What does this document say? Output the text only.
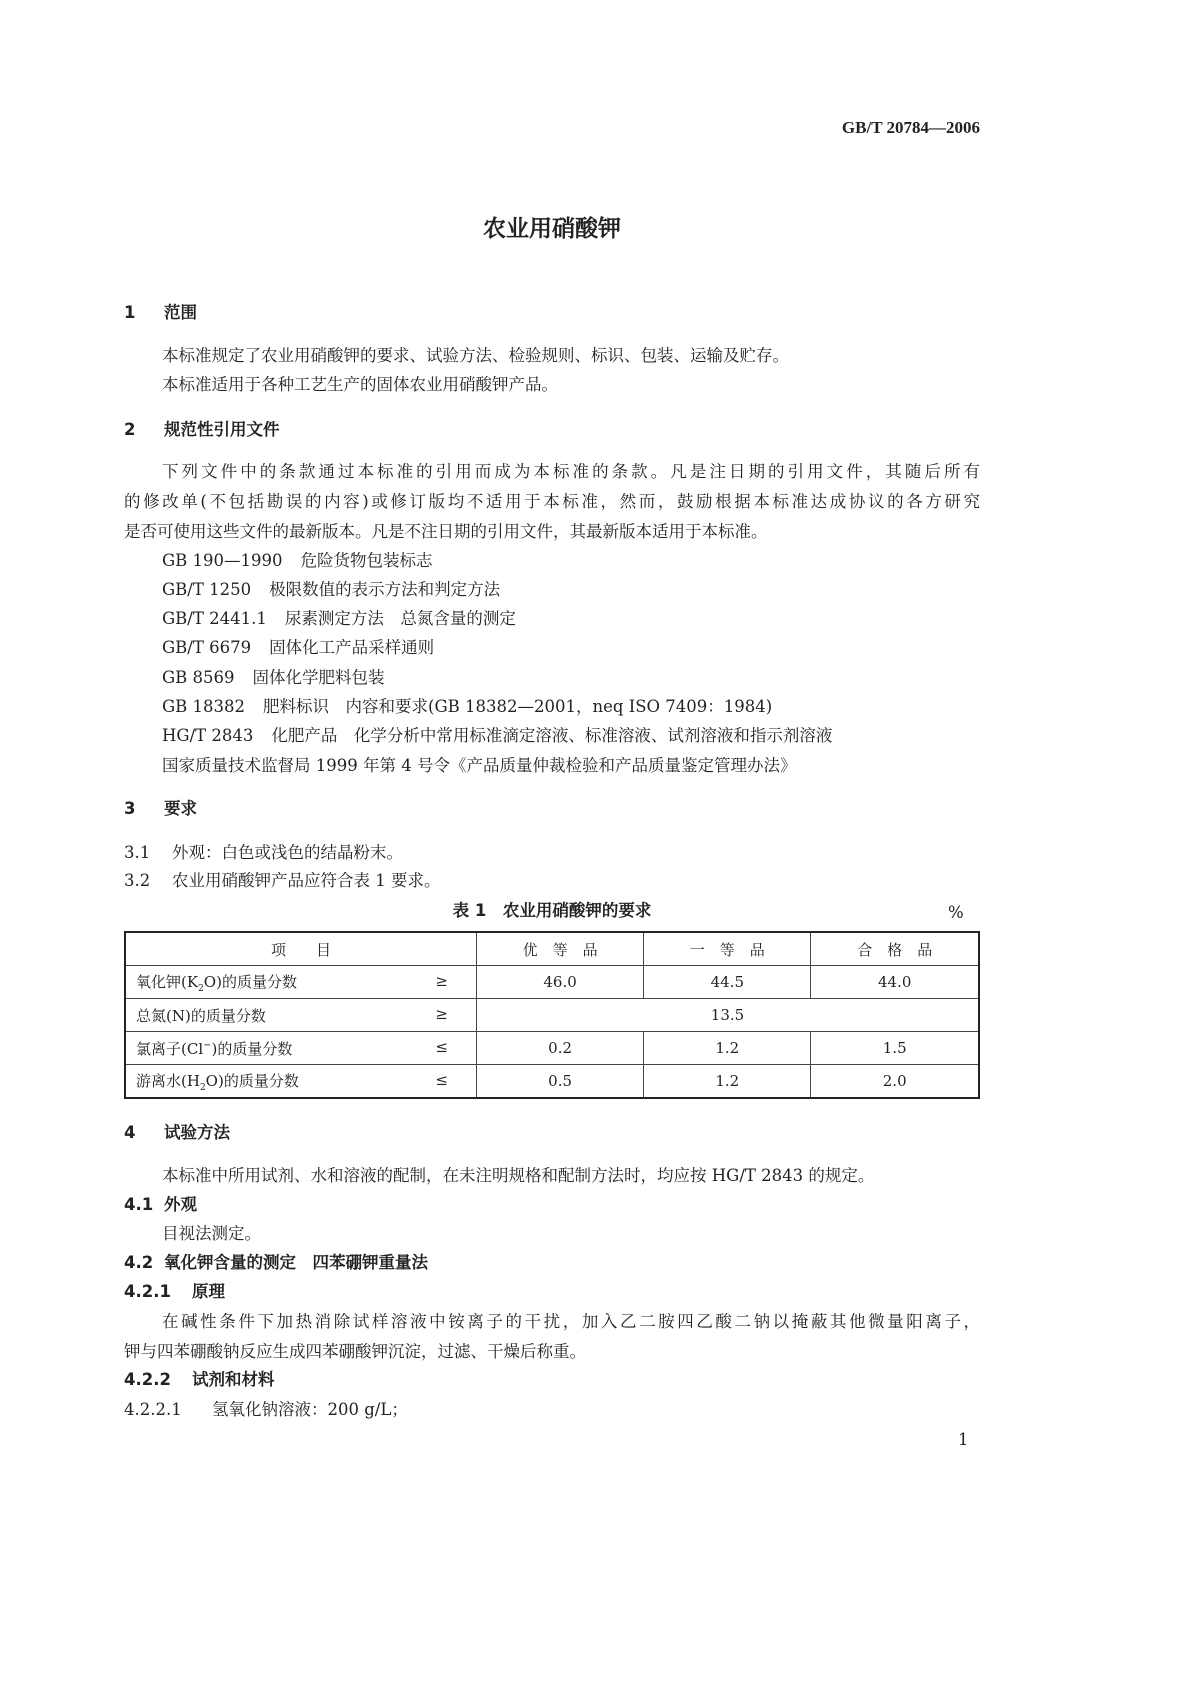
GB/T 20784—2006
农业用硝酸钾
1 范围
本标准规定了农业用硝酸钾的要求、试验方法、检验规则、标识、包装、运输及贮存。
本标准适用于各种工艺生产的固体农业用硝酸钾产品。
2 规范性引用文件
下列文件中的条款通过本标准的引用而成为本标准的条款。凡是注日期的引用文件，其随后所有
的修改单(不包括勘误的内容)或修订版均不适用于本标准，然而，鼓励根据本标准达成协议的各方研究
是否可使用这些文件的最新版本。凡是不注日期的引用文件，其最新版本适用于本标准。
GB 190—1990 危险货物包装标志
GB/T 1250 极限数值的表示方法和判定方法
GB/T 2441.1 尿素测定方法　总氮含量的测定
GB/T 6679 固体化工产品采样通则
GB 8569 固体化学肥料包装
GB 18382 肥料标识　内容和要求(GB 18382—2001，neq ISO 7409：1984)
HG/T 2843 化肥产品　化学分析中常用标准滴定溶液、标准溶液、试剂溶液和指示剂溶液
国家质量技术监督局 1999 年第 4 号令《产品质量仲裁检验和产品质量鉴定管理办法》
3 要求
3.1 外观：白色或浅色的结晶粉末。
3.2 农业用硝酸钾产品应符合表 1 要求。
表 1　农业用硝酸钾的要求	%
项　　目	优　等　品	一　等　品	合　格　品
氧化钾$(K_2O)$的质量分数 ≥	46.0	44.5	44.0
总氮(N)的质量分数 ≥	13.5		
氯离子(Cl−)的质量分数 ≤	0.2	1.2	1.5
游离水$(H_2O)$的质量分数 ≤	0.5	1.2	2.0
4 试验方法
本标准中所用试剂、水和溶液的配制，在未注明规格和配制方法时，均应按 HG/T 2843 的规定。
4.1 外观
目视法测定。
4.2 氧化钾含量的测定　四苯硼钾重量法
4.2.1 原理
在碱性条件下加热消除试样溶液中铵离子的干扰，加入乙二胺四乙酸二钠以掩蔽其他微量阳离子，
钾与四苯硼酸钠反应生成四苯硼酸钾沉淀，过滤、干燥后称重。
4.2.2 试剂和材料
4.2.2.1 氢氧化钠溶液：200 g/L；
1
